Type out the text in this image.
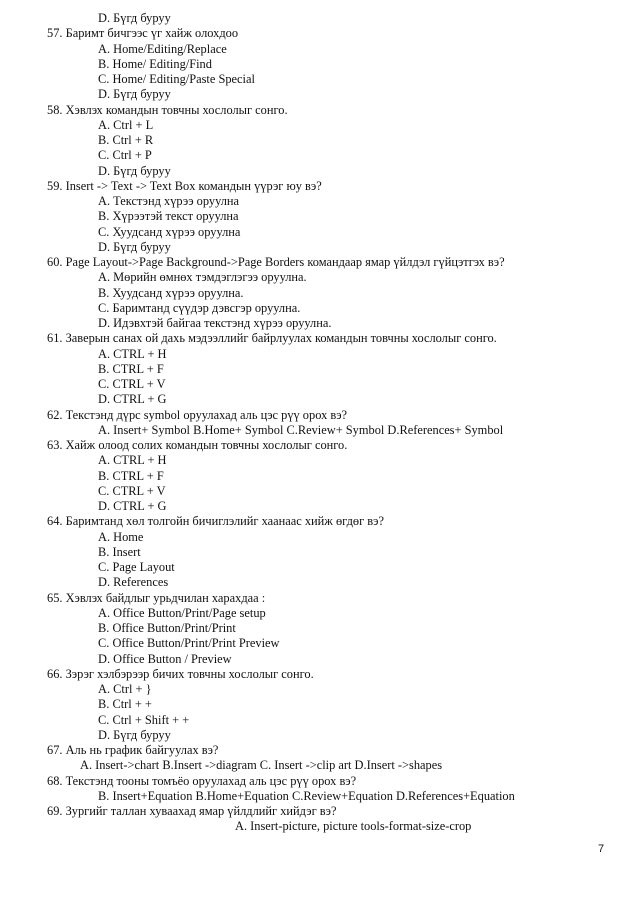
D. Бүгд буруу
57. Баримт бичгээс үг хайж олохдоо
A. Home/Editing/Replace
B. Home/ Editing/Find
C. Home/ Editing/Paste Special
D. Бүгд буруу
58. Хэвлэх командын товчны хослолыг сонго.
A. Ctrl + L
B. Ctrl + R
C. Ctrl + P
D. Бүгд буруу
59. Insert -> Text -> Text Box командын үүрэг юу вэ?
A. Текстэнд хүрээ оруулна
B. Хүрээтэй текст оруулна
C. Хуудсанд хүрээ оруулна
D. Бүгд буруу
60. Page Layout->Page Background->Page Borders командаар ямар үйлдэл гүйцэтгэх вэ?
A. Мөрийн өмнөх тэмдэглэгээ оруулна.
B. Хуудсанд хүрээ оруулна.
C. Баримтанд сүүдэр дэвсгэр оруулна.
D. Идэвхтэй байгаа текстэнд хүрээ оруулна.
61. Заверын санах ой дахь мэдээллийг байрлуулах командын товчны хослолыг сонго.
A. CTRL + H
B. CTRL + F
C. CTRL + V
D. CTRL + G
62. Текстэнд дүрс symbol оруулахад аль цэс рүү орох вэ?
A. Insert+ Symbol B.Home+ Symbol C.Review+ Symbol D.References+ Symbol
63. Хайж олоод солих командын товчны хослолыг сонго.
A. CTRL + H
B. CTRL + F
C. CTRL + V
D. CTRL + G
64. Баримтанд хөл толгойн бичиглэлийг хаанаас хийж өгдөг вэ?
A. Home
B. Insert
C. Page Layout
D. References
65. Хэвлэх байдлыг урьдчилан харахдаа :
A. Office Button/Print/Page setup
B. Office Button/Print/Print
C. Office Button/Print/Print Preview
D. Office Button / Preview
66. Зэрэг хэлбэрээр бичих товчны хослолыг сонго.
A. Ctrl + }
B. Ctrl + +
C. Ctrl + Shift + +
D. Бүгд буруу
67. Аль нь график байгуулах вэ?
A. Insert->chart B.Insert ->diagram C. Insert ->clip art D.Insert ->shapes
68. Текстэнд тооны томъёо оруулахад аль цэс рүү орох вэ?
B. Insert+Equation B.Home+Equation C.Review+Equation D.References+Equation
69. Зургийг таллан хуваахад ямар үйлдлийг хийдэг вэ?
A. Insert-picture, picture tools-format-size-crop
7
